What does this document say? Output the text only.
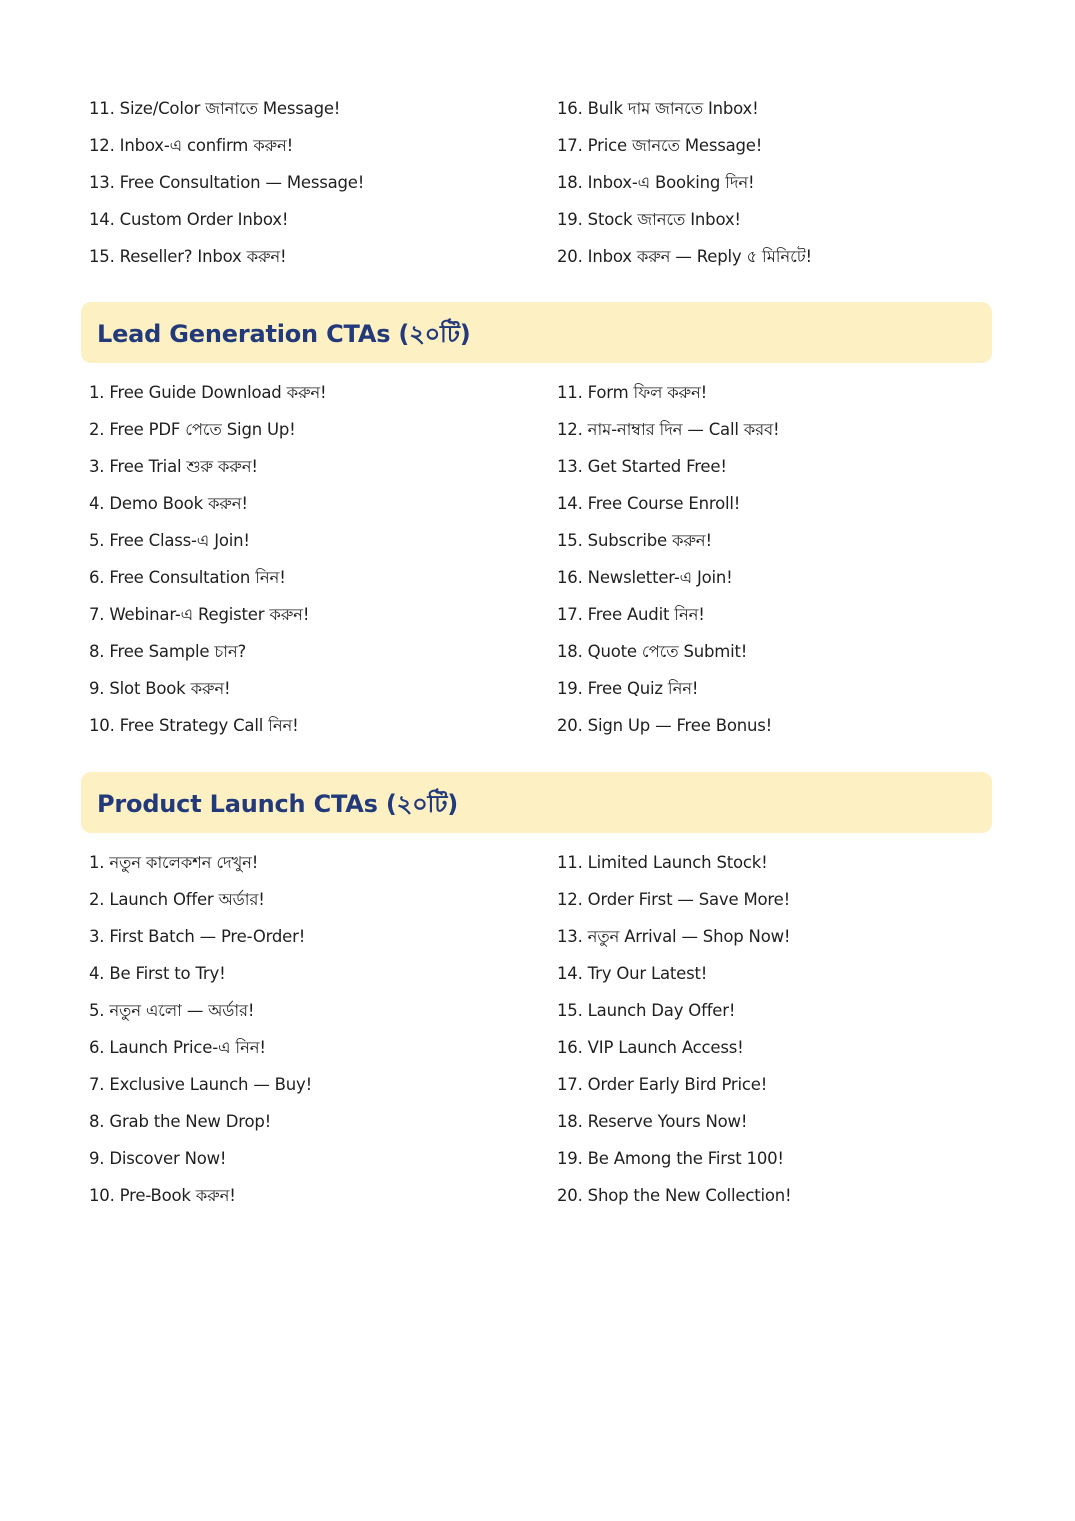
11. Size/Color জানাতে Message!
12. Inbox-এ confirm করুন!
13. Free Consultation — Message!
14. Custom Order Inbox!
15. Reseller? Inbox করুন!
16. Bulk দাম জানতে Inbox!
17. Price জানতে Message!
18. Inbox-এ Booking দিন!
19. Stock জানতে Inbox!
20. Inbox করুন — Reply ৫ মিনিটে!
Lead Generation CTAs (২০টি)
1. Free Guide Download করুন!
2. Free PDF পেতে Sign Up!
3. Free Trial শুরু করুন!
4. Demo Book করুন!
5. Free Class-এ Join!
6. Free Consultation নিন!
7. Webinar-এ Register করুন!
8. Free Sample চান?
9. Slot Book করুন!
10. Free Strategy Call নিন!
11. Form ফিল করুন!
12. নাম-নাম্বার দিন — Call করব!
13. Get Started Free!
14. Free Course Enroll!
15. Subscribe করুন!
16. Newsletter-এ Join!
17. Free Audit নিন!
18. Quote পেতে Submit!
19. Free Quiz নিন!
20. Sign Up — Free Bonus!
Product Launch CTAs (২০টি)
1. নতুন কালেকশন দেখুন!
2. Launch Offer অর্ডার!
3. First Batch — Pre-Order!
4. Be First to Try!
5. নতুন এলো — অর্ডার!
6. Launch Price-এ নিন!
7. Exclusive Launch — Buy!
8. Grab the New Drop!
9. Discover Now!
10. Pre-Book করুন!
11. Limited Launch Stock!
12. Order First — Save More!
13. নতুন Arrival — Shop Now!
14. Try Our Latest!
15. Launch Day Offer!
16. VIP Launch Access!
17. Order Early Bird Price!
18. Reserve Yours Now!
19. Be Among the First 100!
20. Shop the New Collection!
